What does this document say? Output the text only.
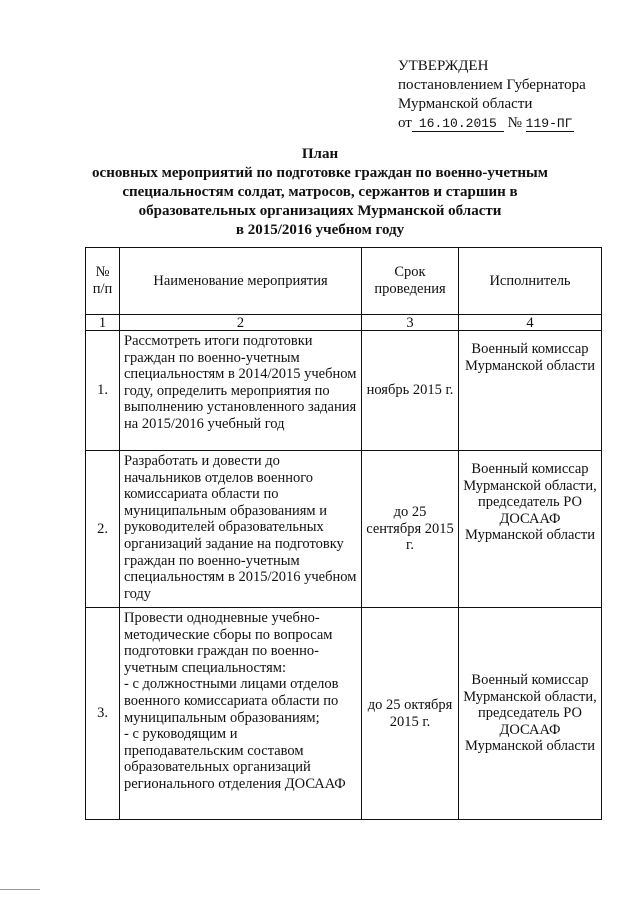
УТВЕРЖДЕН
постановлением Губернатора
Мурманской области
от 16.10.2015 № 119-ПГ
План
основных мероприятий по подготовке граждан по военно-учетным
специальностям солдат, матросов, сержантов и старшин в
образовательных организациях Мурманской области
в 2015/2016 учебном году
№ п/п	Наименование мероприятия	Срок проведения	Исполнитель
1	2	3	4
1.	Рассмотреть итоги подготовки граждан по военно-учетным специальностям в 2014/2015 учебном году, определить мероприятия по выполнению установленного задания на 2015/2016 учебный год	ноябрь 2015 г.	Военный комиссар Мурманской области
2.	Разработать и довести до начальников отделов военного комиссариата области по муниципальным образованиям и руководителей образовательных организаций задание на подготовку граждан по военно-учетным специальностям в 2015/2016 учебном году	до 25 сентября 2015 г.	Военный комиссар Мурманской области, председатель РО ДОСААФ Мурманской области
3.	Провести однодневные учебно-методические сборы по вопросам подготовки граждан по военно-учетным специальностям:
- с должностными лицами отделов военного комиссариата области по муниципальным образованиям;
- с руководящим и преподавательским составом образовательных организаций регионального отделения ДОСААФ	до 25 октября 2015 г.	Военный комиссар Мурманской области, председатель РО ДОСААФ Мурманской области
